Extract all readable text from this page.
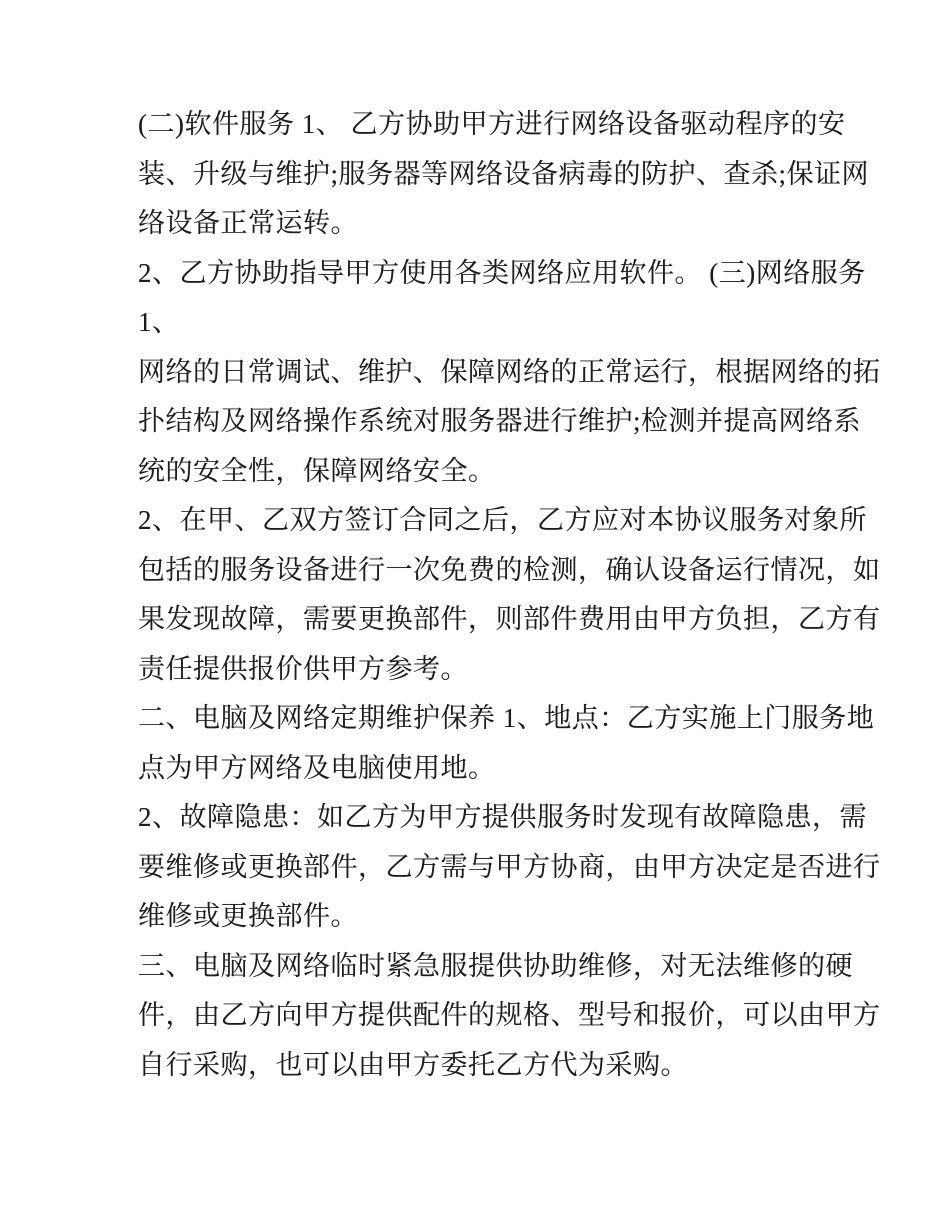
(二)软件服务 1、 乙方协助甲方进行网络设备驱动程序的安
装、升级与维护;服务器等网络设备病毒的防护、查杀;保证网
络设备正常运转。
2、乙方协助指导甲方使用各类网络应用软件。 (三)网络服务
1、
网络的日常调试、维护、保障网络的正常运行，根据网络的拓
扑结构及网络操作系统对服务器进行维护;检测并提高网络系
统的安全性，保障网络安全。
2、在甲、乙双方签订合同之后，乙方应对本协议服务对象所
包括的服务设备进行一次免费的检测，确认设备运行情况，如
果发现故障，需要更换部件，则部件费用由甲方负担，乙方有
责任提供报价供甲方参考。
二、电脑及网络定期维护保养 1、地点：乙方实施上门服务地
点为甲方网络及电脑使用地。
2、故障隐患：如乙方为甲方提供服务时发现有故障隐患，需
要维修或更换部件，乙方需与甲方协商，由甲方决定是否进行
维修或更换部件。
三、电脑及网络临时紧急服提供协助维修，对无法维修的硬
件，由乙方向甲方提供配件的规格、型号和报价，可以由甲方
自行采购，也可以由甲方委托乙方代为采购。
